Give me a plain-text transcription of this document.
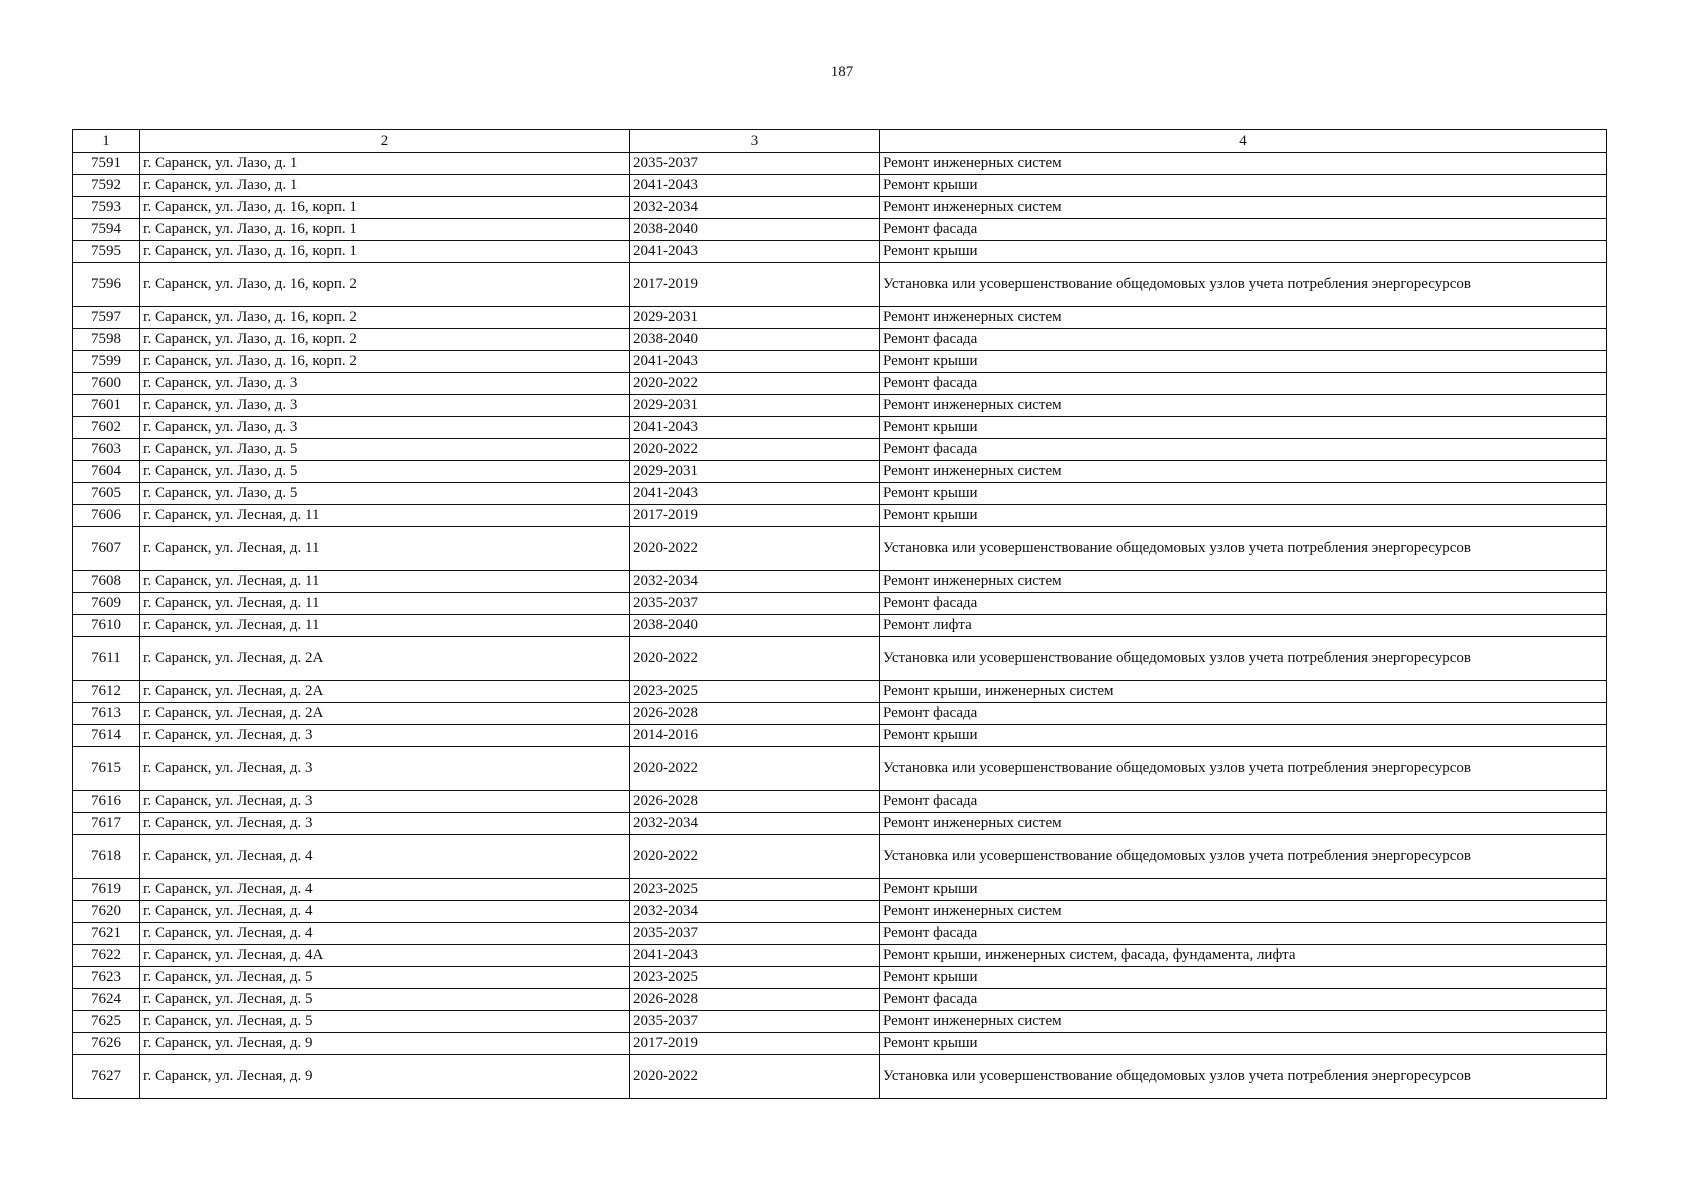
187
1	2	3	4
7591	г. Саранск, ул. Лазо, д. 1	2035-2037	Ремонт инженерных систем
7592	г. Саранск, ул. Лазо, д. 1	2041-2043	Ремонт крыши
7593	г. Саранск, ул. Лазо, д. 16, корп. 1	2032-2034	Ремонт инженерных систем
7594	г. Саранск, ул. Лазо, д. 16, корп. 1	2038-2040	Ремонт фасада
7595	г. Саранск, ул. Лазо, д. 16, корп. 1	2041-2043	Ремонт крыши
7596	г. Саранск, ул. Лазо, д. 16, корп. 2	2017-2019	Установка или усовершенствование общедомовых узлов учета потребления энергоресурсов
7597	г. Саранск, ул. Лазо, д. 16, корп. 2	2029-2031	Ремонт инженерных систем
7598	г. Саранск, ул. Лазо, д. 16, корп. 2	2038-2040	Ремонт фасада
7599	г. Саранск, ул. Лазо, д. 16, корп. 2	2041-2043	Ремонт крыши
7600	г. Саранск, ул. Лазо, д. 3	2020-2022	Ремонт фасада
7601	г. Саранск, ул. Лазо, д. 3	2029-2031	Ремонт инженерных систем
7602	г. Саранск, ул. Лазо, д. 3	2041-2043	Ремонт крыши
7603	г. Саранск, ул. Лазо, д. 5	2020-2022	Ремонт фасада
7604	г. Саранск, ул. Лазо, д. 5	2029-2031	Ремонт инженерных систем
7605	г. Саранск, ул. Лазо, д. 5	2041-2043	Ремонт крыши
7606	г. Саранск, ул. Лесная, д. 11	2017-2019	Ремонт крыши
7607	г. Саранск, ул. Лесная, д. 11	2020-2022	Установка или усовершенствование общедомовых узлов учета потребления энергоресурсов
7608	г. Саранск, ул. Лесная, д. 11	2032-2034	Ремонт инженерных систем
7609	г. Саранск, ул. Лесная, д. 11	2035-2037	Ремонт фасада
7610	г. Саранск, ул. Лесная, д. 11	2038-2040	Ремонт лифта
7611	г. Саранск, ул. Лесная, д. 2А	2020-2022	Установка или усовершенствование общедомовых узлов учета потребления энергоресурсов
7612	г. Саранск, ул. Лесная, д. 2А	2023-2025	Ремонт крыши, инженерных систем
7613	г. Саранск, ул. Лесная, д. 2А	2026-2028	Ремонт фасада
7614	г. Саранск, ул. Лесная, д. 3	2014-2016	Ремонт крыши
7615	г. Саранск, ул. Лесная, д. 3	2020-2022	Установка или усовершенствование общедомовых узлов учета потребления энергоресурсов
7616	г. Саранск, ул. Лесная, д. 3	2026-2028	Ремонт фасада
7617	г. Саранск, ул. Лесная, д. 3	2032-2034	Ремонт инженерных систем
7618	г. Саранск, ул. Лесная, д. 4	2020-2022	Установка или усовершенствование общедомовых узлов учета потребления энергоресурсов
7619	г. Саранск, ул. Лесная, д. 4	2023-2025	Ремонт крыши
7620	г. Саранск, ул. Лесная, д. 4	2032-2034	Ремонт инженерных систем
7621	г. Саранск, ул. Лесная, д. 4	2035-2037	Ремонт фасада
7622	г. Саранск, ул. Лесная, д. 4А	2041-2043	Ремонт крыши, инженерных систем, фасада, фундамента, лифта
7623	г. Саранск, ул. Лесная, д. 5	2023-2025	Ремонт крыши
7624	г. Саранск, ул. Лесная, д. 5	2026-2028	Ремонт фасада
7625	г. Саранск, ул. Лесная, д. 5	2035-2037	Ремонт инженерных систем
7626	г. Саранск, ул. Лесная, д. 9	2017-2019	Ремонт крыши
7627	г. Саранск, ул. Лесная, д. 9	2020-2022	Установка или усовершенствование общедомовых узлов учета потребления энергоресурсов
